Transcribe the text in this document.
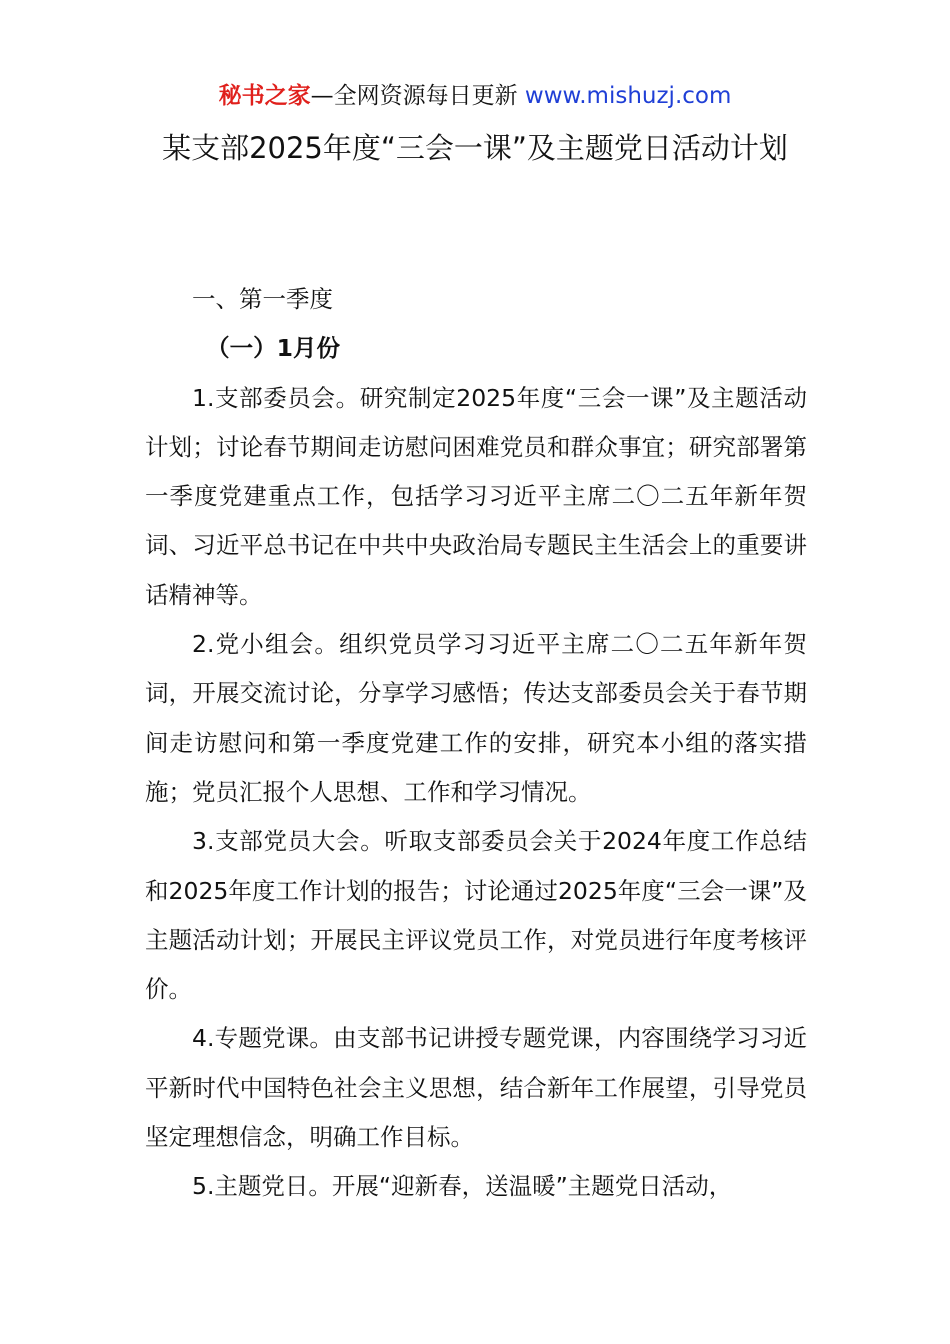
秘书之家—全网资源每日更新 www.mishuzj.com
某支部2025年度“三会一课”及主题党日活动计划

一、第一季度

（一）1月份

1.支部委员会。研究制定2025年度“三会一课”及主题活动计划；讨论春节期间走访慰问困难党员和群众事宜；研究部署第一季度党建重点工作，包括学习习近平主席二〇二五年新年贺词、习近平总书记在中共中央政治局专题民主生活会上的重要讲话精神等。

2.党小组会。组织党员学习习近平主席二〇二五年新年贺词，开展交流讨论，分享学习感悟；传达支部委员会关于春节期间走访慰问和第一季度党建工作的安排，研究本小组的落实措施；党员汇报个人思想、工作和学习情况。

3.支部党员大会。听取支部委员会关于2024年度工作总结和2025年度工作计划的报告；讨论通过2025年度“三会一课”及主题活动计划；开展民主评议党员工作，对党员进行年度考核评价。

4.专题党课。由支部书记讲授专题党课，内容围绕学习习近平新时代中国特色社会主义思想，结合新年工作展望，引导党员坚定理想信念，明确工作目标。

5.主题党日。开展“迎新春，送温暖”主题党日活动，
